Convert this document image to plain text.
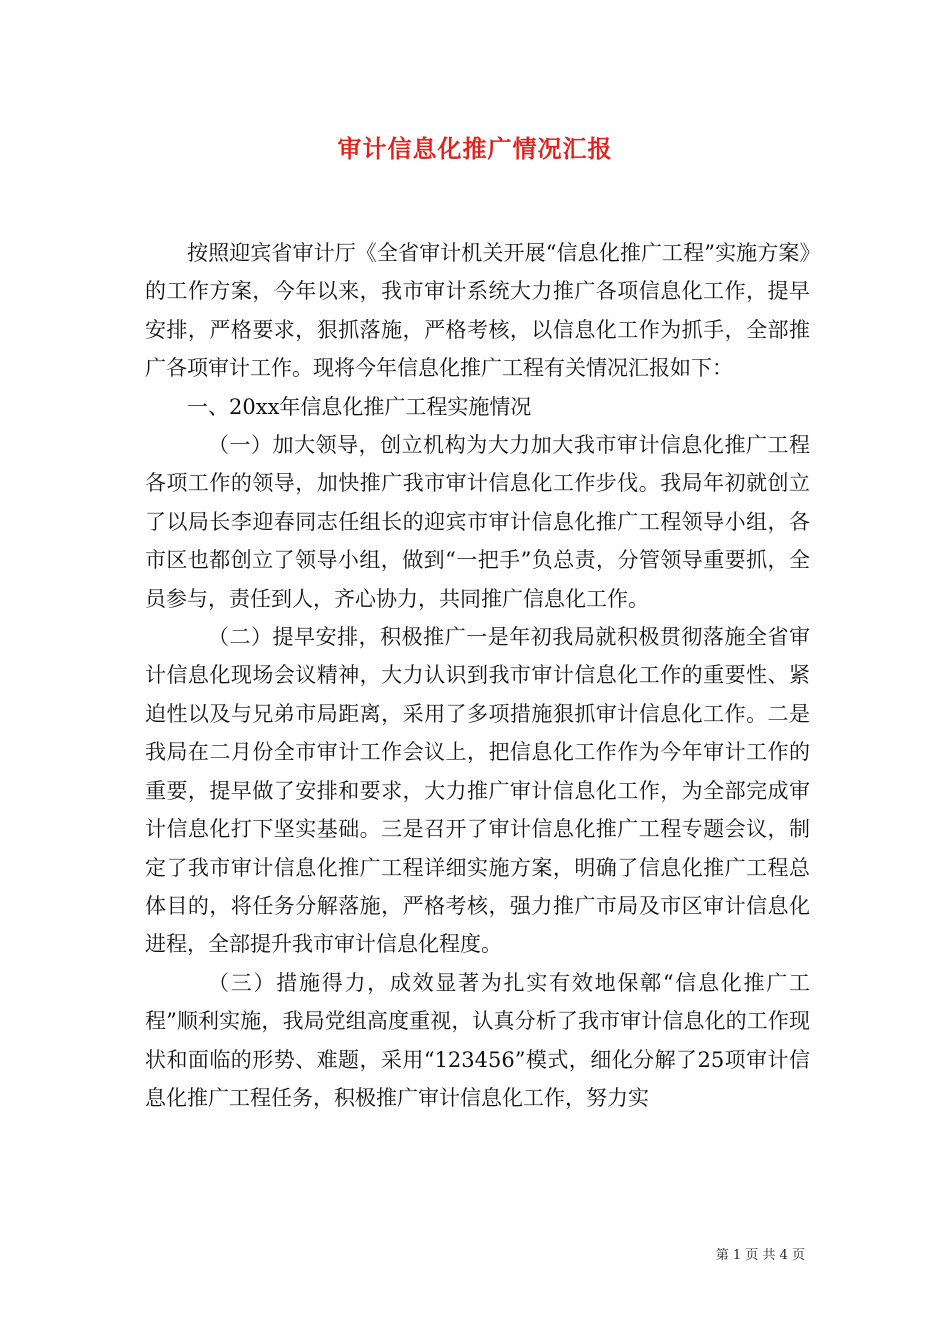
审计信息化推广情况汇报

按照迎宾省审计厅《全省审计机关开展“信息化推广工程”实施方案》的工作方案，今年以来，我市审计系统大力推广各项信息化工作，提早安排，严格要求，狠抓落施，严格考核，以信息化工作为抓手，全部推广各项审计工作。现将今年信息化推广工程有关情况汇报如下：

一、20xx年信息化推广工程实施情况

（一）加大领导，创立机构为大力加大我市审计信息化推广工程各项工作的领导，加快推广我市审计信息化工作步伐。我局年初就创立了以局长李迎春同志任组长的迎宾市审计信息化推广工程领导小组，各市区也都创立了领导小组，做到“一把手”负总责，分管领导重要抓，全员参与，责任到人，齐心协力，共同推广信息化工作。

（二）提早安排，积极推广一是年初我局就积极贯彻落施全省审计信息化现场会议精神，大力认识到我市审计信息化工作的重要性、紧迫性以及与兄弟市局距离，采用了多项措施狠抓审计信息化工作。二是我局在二月份全市审计工作会议上，把信息化工作作为今年审计工作的重要，提早做了安排和要求，大力推广审计信息化工作，为全部完成审计信息化打下坚实基础。三是召开了审计信息化推广工程专题会议，制定了我市审计信息化推广工程详细实施方案，明确了信息化推广工程总体目的，将任务分解落施，严格考核，强力推广市局及市区审计信息化进程，全部提升我市审计信息化程度。

（三）措施得力，成效显著为扎实有效地保鄣“信息化推广工程”顺利实施，我局党组高度重视，认真分析了我市审计信息化的工作现状和面临的形势、难题，采用“123456”模式，细化分解了25项审计信息化推广工程任务，积极推广审计信息化工作，努力实

第 1 页 共 4 页
